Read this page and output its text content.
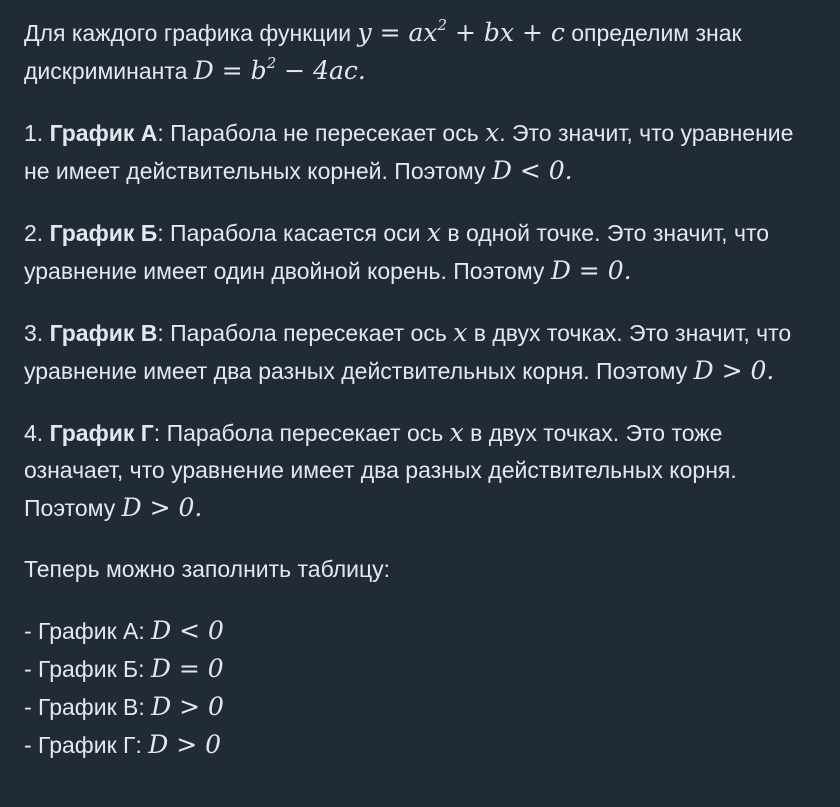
Для каждого графика функции $y = ax^2$ + bx + c определим знак дискриминанта $D = b^2 - 4ac$.

1. График А: Парабола не пересекает ось x. Это значит, что уравнение не имеет действительных корней. Поэтому D < 0.

2. График Б: Парабола касается оси x в одной точке. Это значит, что уравнение имеет один двойной корень. Поэтому D = 0.

3. График В: Парабола пересекает ось x в двух точках. Это значит, что уравнение имеет два разных действительных корня. Поэтому D > 0.

4. График Г: Парабола пересекает ось x в двух точках. Это тоже означает, что уравнение имеет два разных действительных корня. Поэтому D > 0.

Теперь можно заполнить таблицу:

- График А: D < 0

- График Б: D = 0

- График В: D > 0

- График Г: D > 0
